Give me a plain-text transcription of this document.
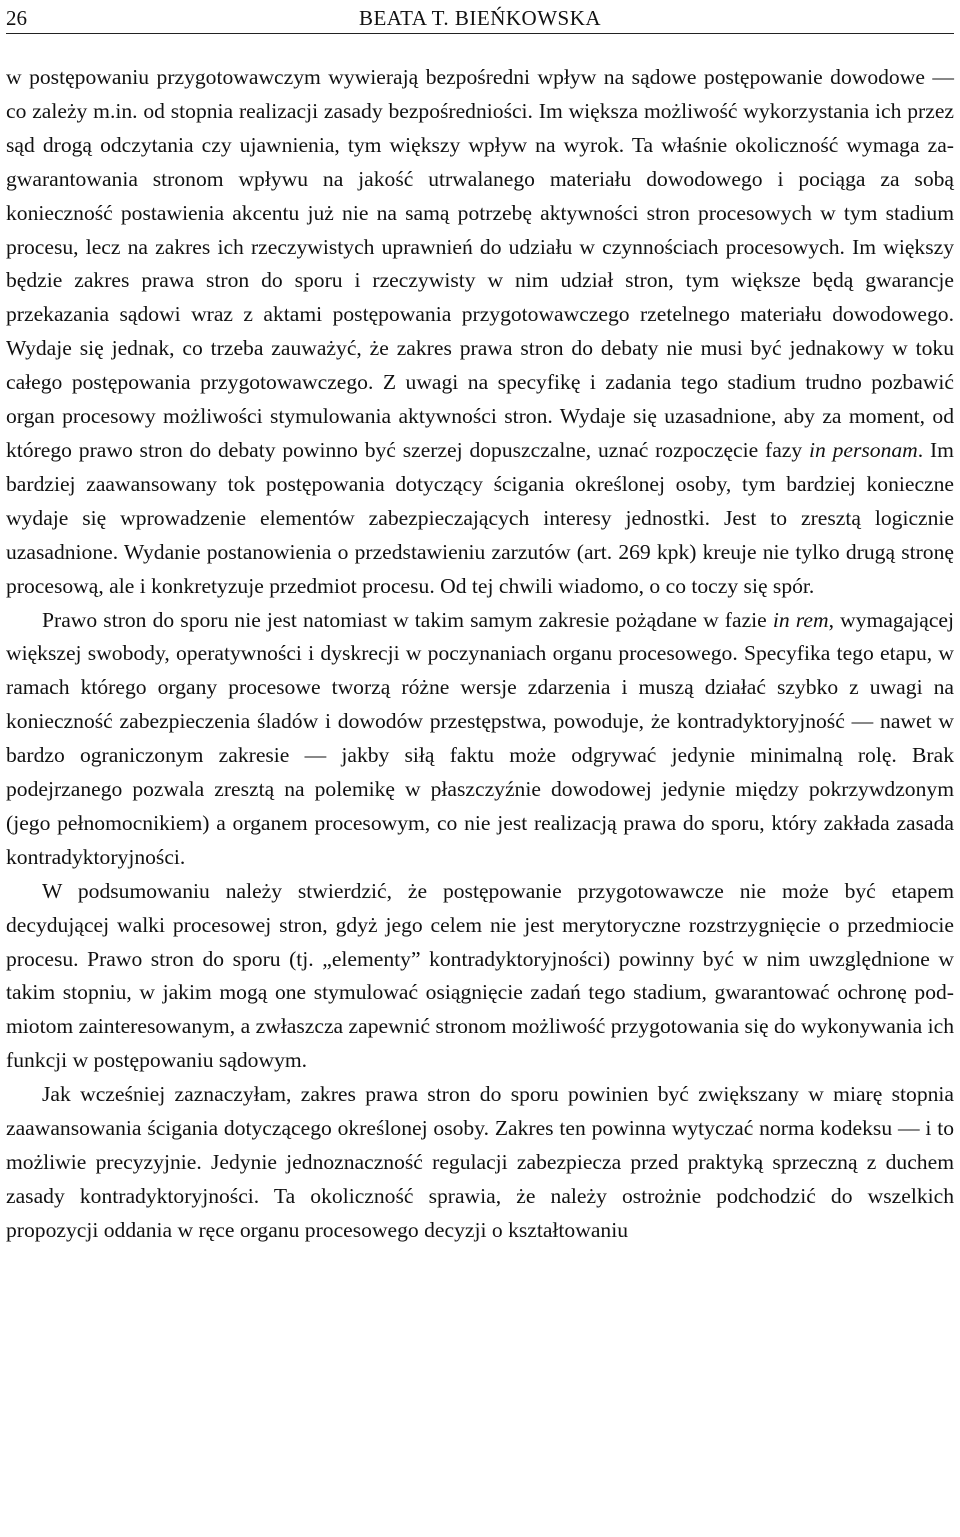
26	BEATA T. BIEŃKOWSKA

w postępowaniu przygotowawczym wywierają bezpośredni wpływ na sądowe postępowanie dowodowe — co zależy m.in. od stopnia realizacji zasady bezpośredniości. Im większa możliwość wykorzystania ich przez sąd drogą odczytania czy ujawnienia, tym większy wpływ na wyrok. Ta właśnie okoliczność wymaga zagwarantowania stronom wpływu na jakość utrwalanego materiału dowodowego i pociąga za sobą konieczność postawienia akcentu już nie na samą potrzebę aktywności stron procesowych w tym stadium procesu, lecz na zakres ich rzeczywistych uprawnień do udziału w czynnościach procesowych. Im większy będzie zakres prawa stron do sporu i rzeczywisty w nim udział stron, tym większe będą gwarancje przekazania sądowi wraz z aktami postępowania przygotowawczego rzetelnego materiału dowodowego. Wydaje się jednak, co trzeba zauważyć, że zakres prawa stron do debaty nie musi być jednakowy w toku całego postępowania przygotowawczego. Z uwagi na specyfikę i zadania tego stadium trudno pozbawić organ procesowy możliwości stymulowania aktywności stron. Wydaje się uzasadnione, aby za moment, od którego prawo stron do debaty powinno być szerzej dopuszczalne, uznać rozpoczęcie fazy in personam. Im bardziej zaawansowany tok postępowania dotyczący ścigania określonej osoby, tym bardziej konieczne wydaje się wprowadzenie elementów zabezpieczających interesy jednostki. Jest to zresztą logicznie uzasadnione. Wydanie postanowienia o przedstawieniu zarzutów (art. 269 kpk) kreuje nie tylko drugą stronę procesową, ale i konkretyzuje przedmiot procesu. Od tej chwili wiadomo, o co toczy się spór.

Prawo stron do sporu nie jest natomiast w takim samym zakresie pożądane w fazie in rem, wymagającej większej swobody, operatywności i dyskrecji w poczynaniach organu procesowego. Specyfika tego etapu, w ramach którego organy procesowe tworzą różne wersje zdarzenia i muszą działać szybko z uwagi na konieczność zabezpieczenia śladów i dowodów przestępstwa, powoduje, że kontradyktoryjność — nawet w bardzo ograniczonym zakresie — jakby siłą faktu może odgrywać jedynie minimalną rolę. Brak podejrzanego pozwala zresztą na polemikę w płaszczyźnie dowodowej jedynie między pokrzywdzonym (jego pełnomocnikiem) a organem procesowym, co nie jest realizacją prawa do sporu, który zakłada zasada kontradyktoryjności.

W podsumowaniu należy stwierdzić, że postępowanie przygotowawcze nie może być etapem decydującej walki procesowej stron, gdyż jego celem nie jest merytoryczne rozstrzygnięcie o przedmiocie procesu. Prawo stron do sporu (tj. „elementy” kontradyktoryjności) powinny być w nim uwzględnione w takim stopniu, w jakim mogą one stymulować osiągnięcie zadań tego stadium, gwarantować ochronę podmiotom zainteresowanym, a zwłaszcza zapewnić stronom możliwość przygotowania się do wykonywania ich funkcji w postępowaniu sądowym.

Jak wcześniej zaznaczyłam, zakres prawa stron do sporu powinien być zwiększany w miarę stopnia zaawansowania ścigania dotyczącego określonej osoby. Zakres ten powinna wytyczać norma kodeksu — i to możliwie precyzyjnie. Jedynie jednoznaczność regulacji zabezpiecza przed praktyką sprzeczną z duchem zasady kontradyktoryjności. Ta okoliczność sprawia, że należy ostrożnie podchodzić do wszelkich propozycji oddania w ręce organu procesowego decyzji o kształtowaniu
